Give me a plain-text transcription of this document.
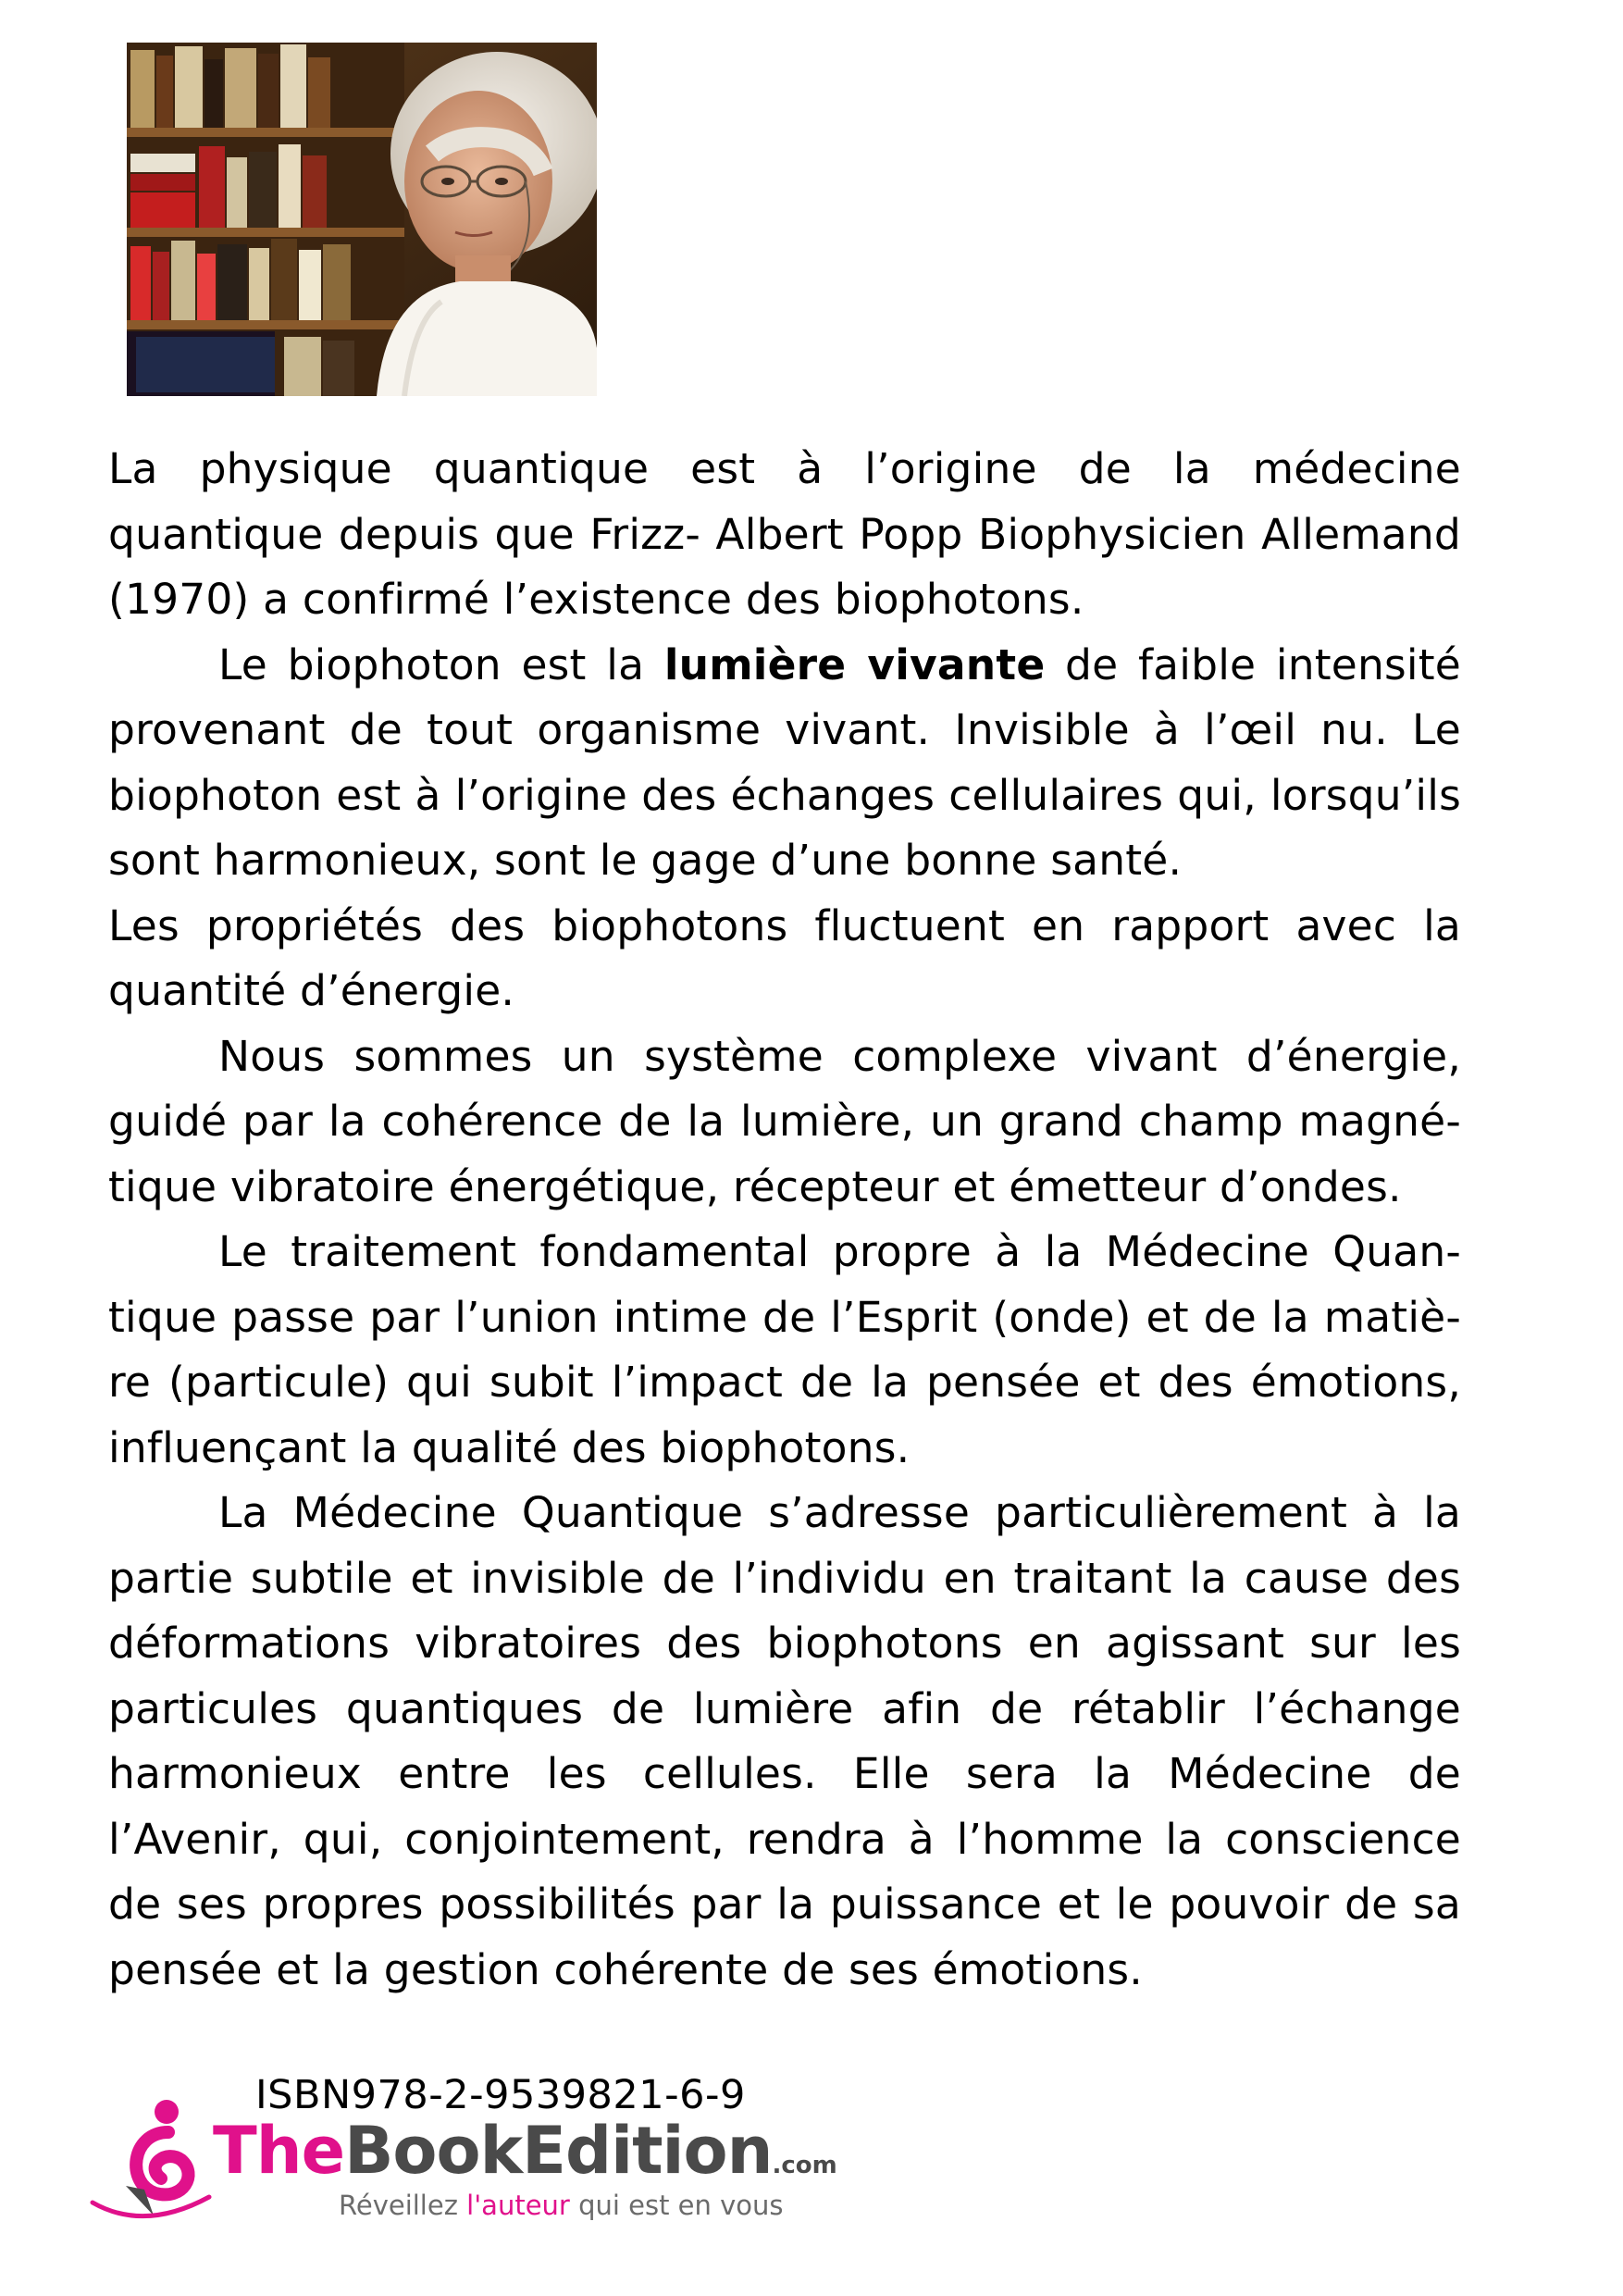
La physique quantique est à l’origine de la médecine quantique depuis que Frizz- Albert Popp Biophysicien Allemand (1970) a confirmé l’existence des biophotons.

Le biophoton est la lumière vivante de faible intensité provenant de tout organisme vivant. Invisible à l’œil nu. Le biophoton est à l’origine des échanges cellulaires qui, lorsqu’ils sont harmonieux, sont le gage d’une bonne santé.

Les propriétés des biophotons fluctuent en rapport avec la quantité d’énergie.

Nous sommes un système complexe vivant d’énergie, guidé par la cohérence de la lumière, un grand champ magné-tique vibratoire énergétique, récepteur et émetteur d’ondes.

Le traitement fondamental propre à la Médecine Quan-tique passe par l’union intime de l’Esprit (onde) et de la matiè-re (particule) qui subit l’impact de la pensée et des émotions, influençant la qualité des biophotons.

La Médecine Quantique s’adresse particulièrement à la partie subtile et invisible de l’individu en traitant la cause des déformations vibratoires des biophotons en agissant sur les particules quantiques de lumière afin de rétablir l’échange harmonieux entre les cellules. Elle sera la Médecine de l’Avenir, qui, conjointement, rendra à l’homme la conscience de ses propres possibilités par la puissance et le pouvoir de sa pensée et la gestion cohérente de ses émotions.

ISBN978-2-9539821-6-9
TheBookEdition.com
Réveillez l'auteur qui est en vous
